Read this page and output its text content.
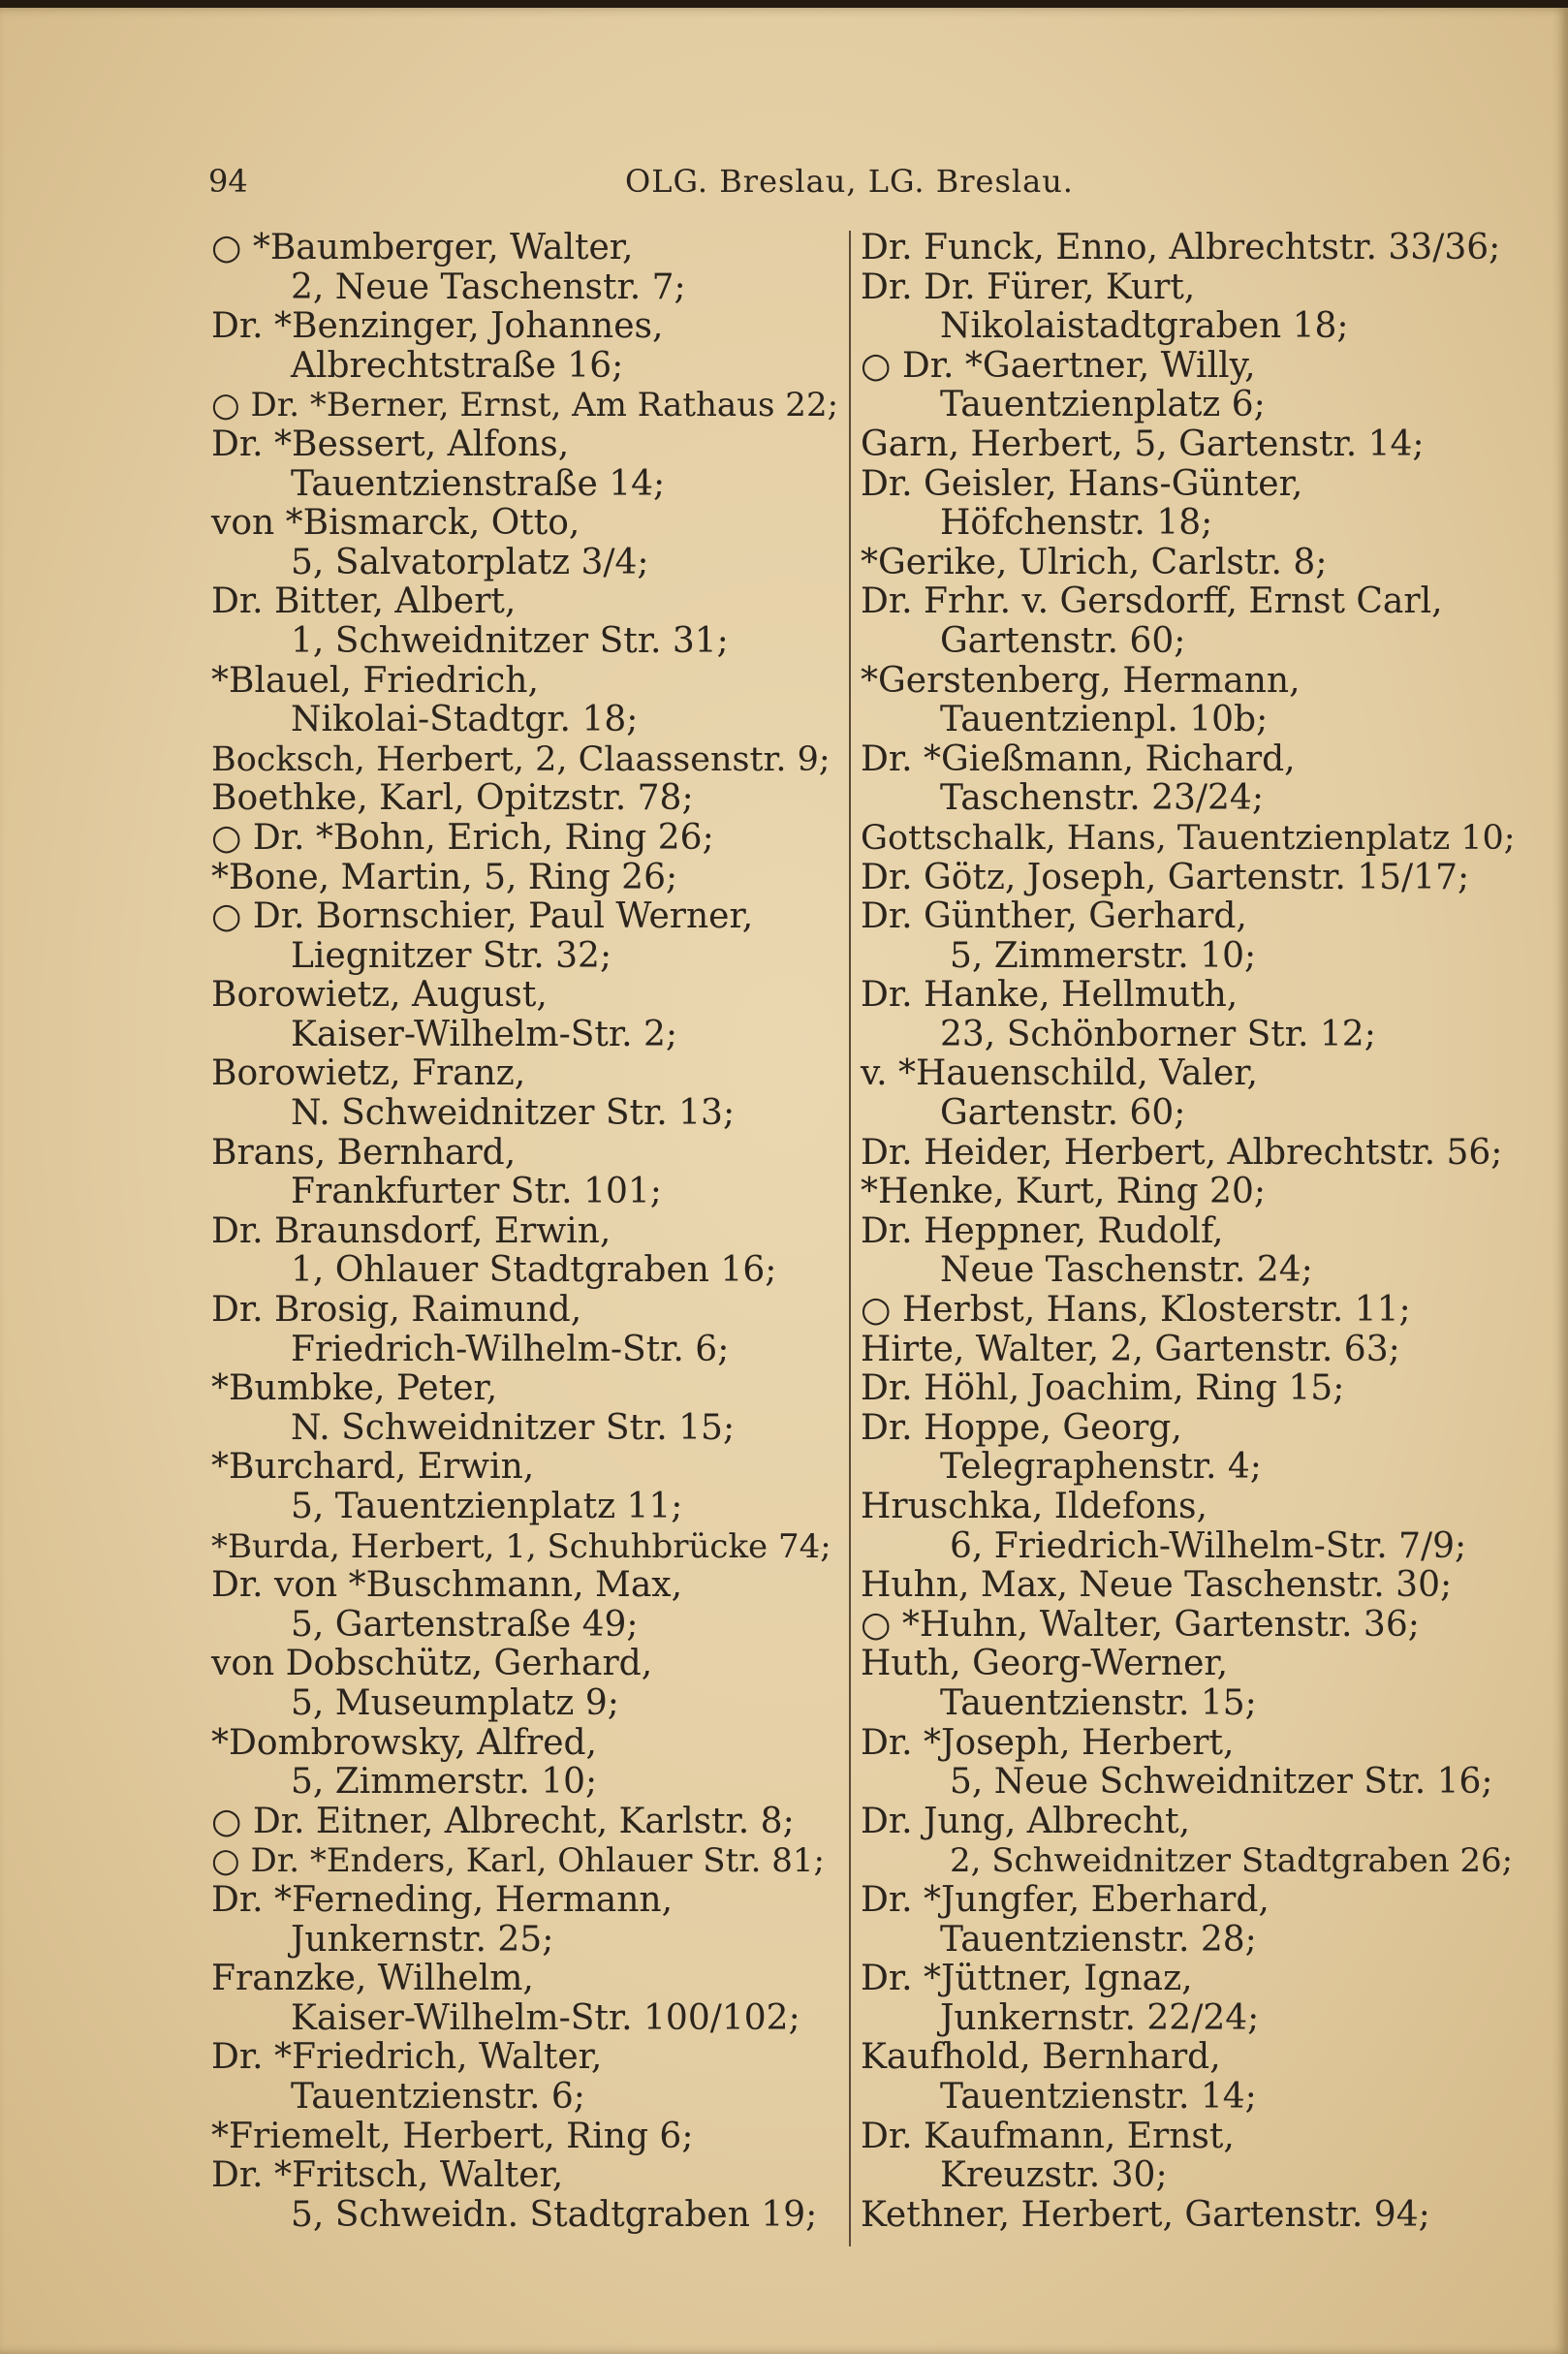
94	OLG. Breslau, LG. Breslau.
○ *Baumberger, Walter,
2, Neue Taschenstr. 7;
Dr. *Benzinger, Johannes,
Albrechtstraße 16;
○ Dr. *Berner, Ernst, Am Rathaus 22;
Dr. *Bessert, Alfons,
Tauentzienstraße 14;
von *Bismarck, Otto,
5, Salvatorplatz 3/4;
Dr. Bitter, Albert,
1, Schweidnitzer Str. 31;
*Blauel, Friedrich,
Nikolai-Stadtgr. 18;
Bocksch, Herbert, 2, Claassenstr. 9;
Boethke, Karl, Opitzstr. 78;
○ Dr. *Bohn, Erich, Ring 26;
*Bone, Martin, 5, Ring 26;
○ Dr. Bornschier, Paul Werner,
Liegnitzer Str. 32;
Borowietz, August,
Kaiser-Wilhelm-Str. 2;
Borowietz, Franz,
N. Schweidnitzer Str. 13;
Brans, Bernhard,
Frankfurter Str. 101;
Dr. Braunsdorf, Erwin,
1, Ohlauer Stadtgraben 16;
Dr. Brosig, Raimund,
Friedrich-Wilhelm-Str. 6;
*Bumbke, Peter,
N. Schweidnitzer Str. 15;
*Burchard, Erwin,
5, Tauentzienplatz 11;
*Burda, Herbert, 1, Schuhbrücke 74;
Dr. von *Buschmann, Max,
5, Gartenstraße 49;
von Dobschütz, Gerhard,
5, Museumplatz 9;
*Dombrowsky, Alfred,
5, Zimmerstr. 10;
○ Dr. Eitner, Albrecht, Karlstr. 8;
○ Dr. *Enders, Karl, Ohlauer Str. 81;
Dr. *Ferneding, Hermann,
Junkernstr. 25;
Franzke, Wilhelm,
Kaiser-Wilhelm-Str. 100/102;
Dr. *Friedrich, Walter,
Tauentzienstr. 6;
*Friemelt, Herbert, Ring 6;
Dr. *Fritsch, Walter,
5, Schweidn. Stadtgraben 19;
Dr. Funck, Enno, Albrechtstr. 33/36;
Dr. Dr. Fürer, Kurt,
Nikolaistadtgraben 18;
○ Dr. *Gaertner, Willy,
Tauentzienplatz 6;
Garn, Herbert, 5, Gartenstr. 14;
Dr. Geisler, Hans-Günter,
Höfchenstr. 18;
*Gerike, Ulrich, Carlstr. 8;
Dr. Frhr. v. Gersdorff, Ernst Carl,
Gartenstr. 60;
*Gerstenberg, Hermann,
Tauentzienpl. 10b;
Dr. *Gießmann, Richard,
Taschenstr. 23/24;
Gottschalk, Hans, Tauentzienplatz 10;
Dr. Götz, Joseph, Gartenstr. 15/17;
Dr. Günther, Gerhard,
5, Zimmerstr. 10;
Dr. Hanke, Hellmuth,
23, Schönborner Str. 12;
v. *Hauenschild, Valer,
Gartenstr. 60;
Dr. Heider, Herbert, Albrechtstr. 56;
*Henke, Kurt, Ring 20;
Dr. Heppner, Rudolf,
Neue Taschenstr. 24;
○ Herbst, Hans, Klosterstr. 11;
Hirte, Walter, 2, Gartenstr. 63;
Dr. Höhl, Joachim, Ring 15;
Dr. Hoppe, Georg,
Telegraphenstr. 4;
Hruschka, Ildefons,
6, Friedrich-Wilhelm-Str. 7/9;
Huhn, Max, Neue Taschenstr. 30;
○ *Huhn, Walter, Gartenstr. 36;
Huth, Georg-Werner,
Tauentzienstr. 15;
Dr. *Joseph, Herbert,
5, Neue Schweidnitzer Str. 16;
Dr. Jung, Albrecht,
2, Schweidnitzer Stadtgraben 26;
Dr. *Jungfer, Eberhard,
Tauentzienstr. 28;
Dr. *Jüttner, Ignaz,
Junkernstr. 22/24;
Kaufhold, Bernhard,
Tauentzienstr. 14;
Dr. Kaufmann, Ernst,
Kreuzstr. 30;
Kethner, Herbert, Gartenstr. 94;
